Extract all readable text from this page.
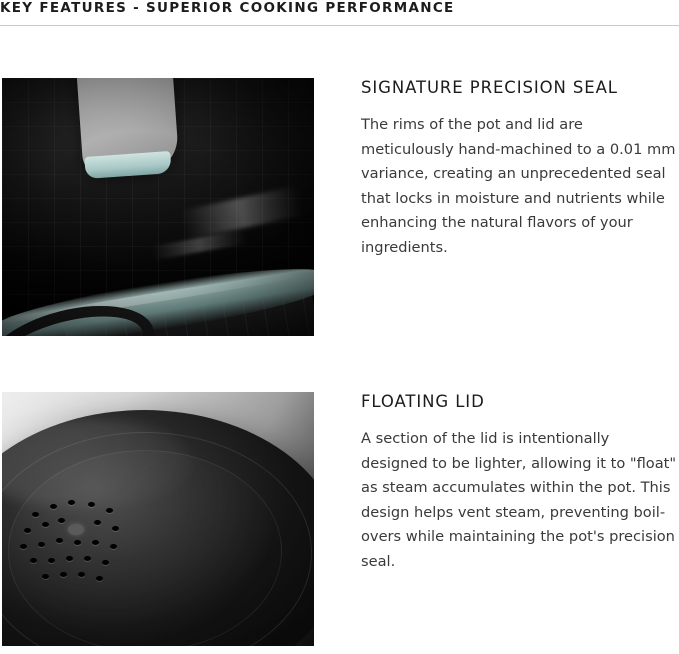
KEY FEATURES - SUPERIOR COOKING PERFORMANCE
SIGNATURE PRECISION SEAL

The rims of the pot and lid are meticulously hand-machined to a 0.01 mm variance, creating an unprecedented seal that locks in moisture and nutrients while enhancing the natural flavors of your ingredients.

FLOATING LID

A section of the lid is intentionally designed to be lighter, allowing it to "float" as steam accumulates within the pot. This design helps vent steam, preventing boil-overs while maintaining the pot's precision seal.
